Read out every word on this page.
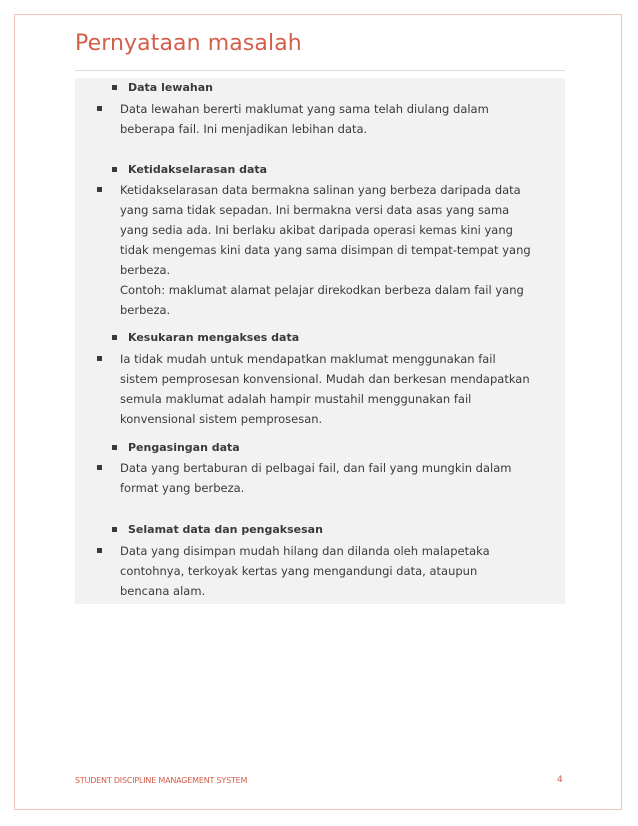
Pernyataan masalah
Data lewahan
Data lewahan bererti maklumat yang sama telah diulang dalam
beberapa fail. Ini menjadikan lebihan data.
Ketidakselarasan data
Ketidakselarasan data bermakna salinan yang berbeza daripada data
yang sama tidak sepadan. Ini bermakna versi data asas yang sama
yang sedia ada. Ini berlaku akibat daripada operasi kemas kini yang
tidak mengemas kini data yang sama disimpan di tempat-tempat yang
berbeza.
Contoh: maklumat alamat pelajar direkodkan berbeza dalam fail yang
berbeza.
Kesukaran mengakses data
Ia tidak mudah untuk mendapatkan maklumat menggunakan fail
sistem pemprosesan konvensional. Mudah dan berkesan mendapatkan
semula maklumat adalah hampir mustahil menggunakan fail
konvensional sistem pemprosesan.
Pengasingan data
Data yang bertaburan di pelbagai fail, dan fail yang mungkin dalam
format yang berbeza.
Selamat data dan pengaksesan
Data yang disimpan mudah hilang dan dilanda oleh malapetaka
contohnya, terkoyak kertas yang mengandungi data, ataupun
bencana alam.
STUDENT DISCIPLINE MANAGEMENT SYSTEM	4
